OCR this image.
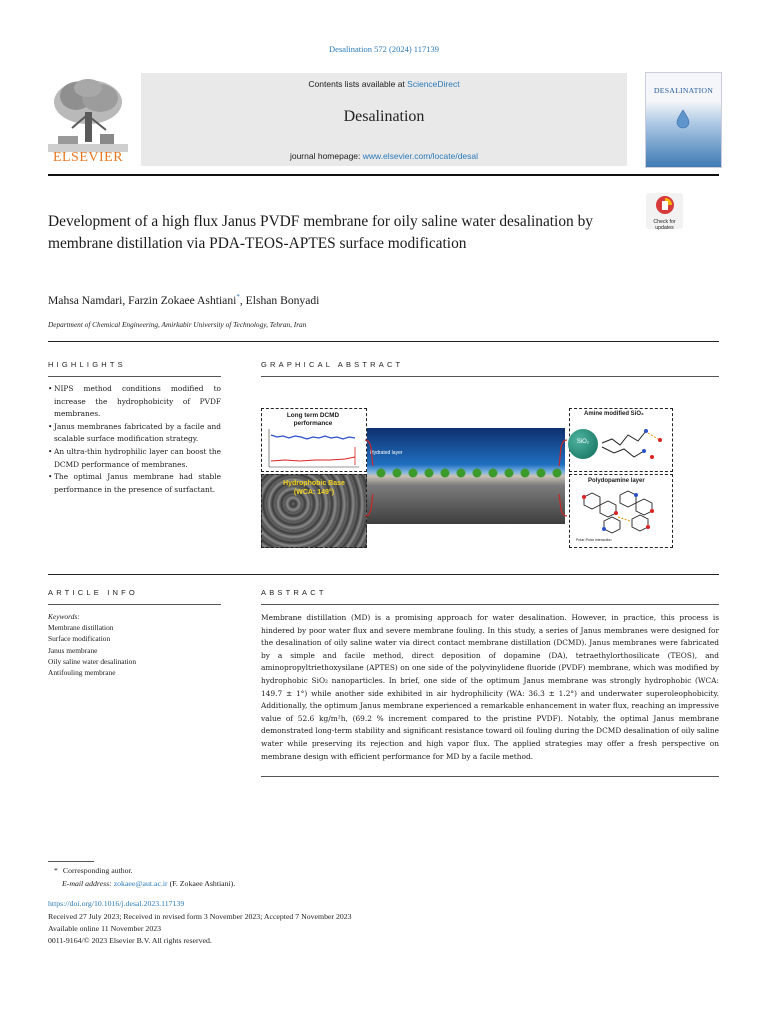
Desalination 572 (2024) 117139
ELSEVIER
Contents lists available at ScienceDirect
Desalination
journal homepage: www.elsevier.com/locate/desal
DESALINATION
Development of a high flux Janus PVDF membrane for oily saline water desalination by membrane distillation via PDA-TEOS-APTES surface modification
Check for updates
Mahsa Namdari, Farzin Zokaee Ashtiani*, Elshan Bonyadi
Department of Chemical Engineering, Amirkabir University of Technology, Tehran, Iran
HIGHLIGHTS
• NIPS method conditions modified to increase the hydrophobicity of PVDF membranes.
• Janus membranes fabricated by a facile and scalable surface modification strategy.
• An ultra-thin hydrophilic layer can boost the DCMD performance of membranes.
• The optimal Janus membrane had stable performance in the presence of surfactant.
GRAPHICAL ABSTRACT
Long term DCMD performance
Hydrophobic Base
(WCA: 149°)
Hydrated layer
Amine modified SiO₂
SiO₂
Polydopamine layer
Polar-Polar interaction
ARTICLE INFO
Keywords:
Membrane distillation
Surface modification
Janus membrane
Oily saline water desalination
Antifouling membrane
ABSTRACT
Membrane distillation (MD) is a promising approach for water desalination. However, in practice, this process is hindered by poor water flux and severe membrane fouling. In this study, a series of Janus membranes were designed for the desalination of oily saline water via direct contact membrane distillation (DCMD). Janus membranes were fabricated by a simple and facile method, direct deposition of dopamine (DA), tetraethylorthosilicate (TEOS), and aminopropyltriethoxysilane (APTES) on one side of the polyvinylidene fluoride (PVDF) membrane, which was modified by hydrophobic SiO₂ nanoparticles. In brief, one side of the optimum Janus membrane was strongly hydrophobic (WCA: 149.7 ± 1°) while another side exhibited in air hydrophilicity (WA: 36.3 ± 1.2°) and underwater superoleophobicity. Additionally, the optimum Janus membrane experienced a remarkable enhancement in water flux, reaching an impressive value of 52.6 kg/m²h, (69.2 % increment compared to the pristine PVDF). Notably, the optimal Janus membrane demonstrated long-term stability and significant resistance toward oil fouling during the DCMD desalination of oily saline water while preserving its rejection and high vapor flux. The applied strategies may offer a fresh perspective on membrane design with efficient performance for MD by a facile method.
* Corresponding author.
E-mail address: zokaee@aut.ac.ir (F. Zokaee Ashtiani).
https://doi.org/10.1016/j.desal.2023.117139
Received 27 July 2023; Received in revised form 3 November 2023; Accepted 7 November 2023
Available online 11 November 2023
0011-9164/© 2023 Elsevier B.V. All rights reserved.
